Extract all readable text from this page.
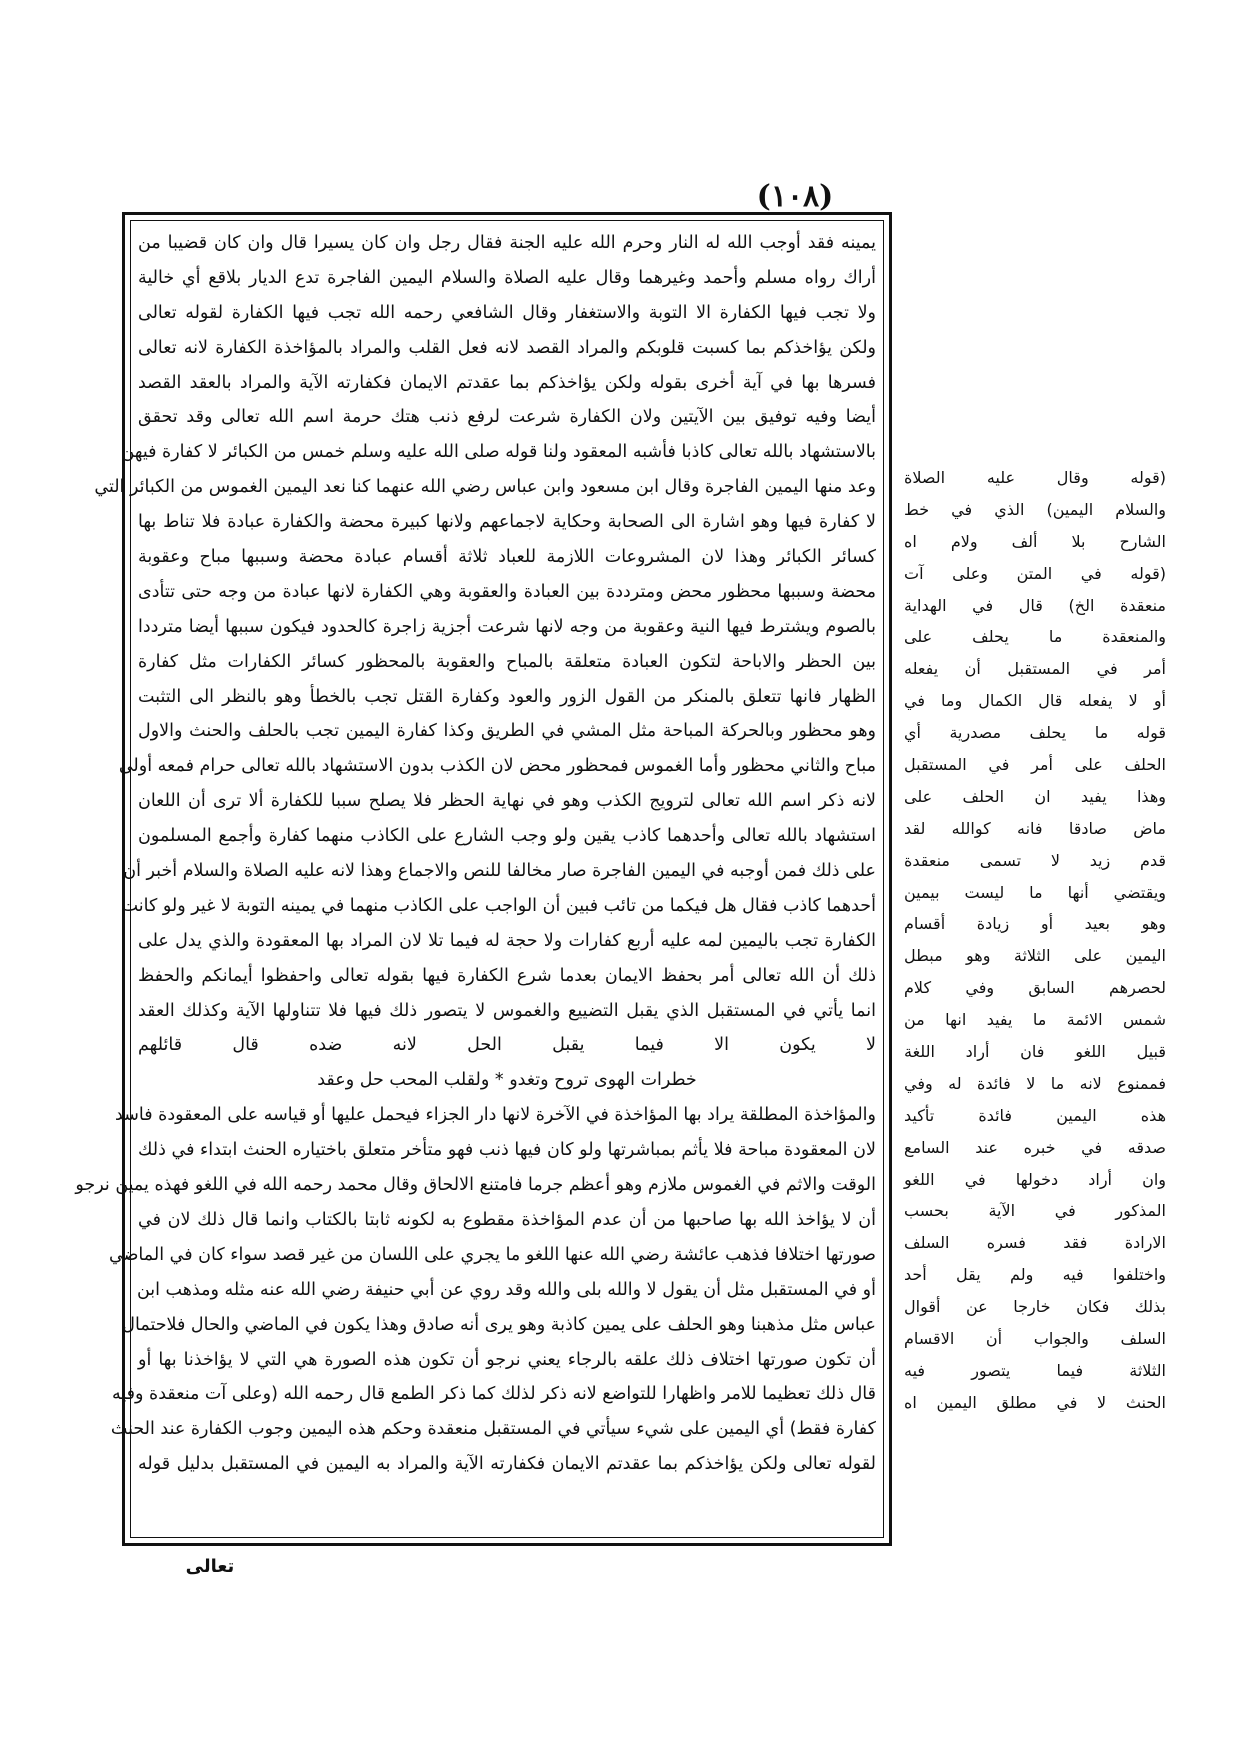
(١٠٨)
يمينه فقد أوجب الله له النار وحرم الله عليه الجنة فقال رجل وان كان يسيرا قال وان كان قضيبا من
أراك رواه مسلم وأحمد وغيرهما وقال عليه الصلاة والسلام اليمين الفاجرة تدع الديار بلاقع أي خالية
ولا تجب فيها الكفارة الا التوبة والاستغفار وقال الشافعي رحمه الله تجب فيها الكفارة لقوله تعالى
ولكن يؤاخذكم بما كسبت قلوبكم والمراد القصد لانه فعل القلب والمراد بالمؤاخذة الكفارة لانه تعالى
فسرها بها في آية أخرى بقوله ولكن يؤاخذكم بما عقدتم الايمان فكفارته الآية والمراد بالعقد القصد
أيضا وفيه توفيق بين الآيتين ولان الكفارة شرعت لرفع ذنب هتك حرمة اسم الله تعالى وقد تحقق
بالاستشهاد بالله تعالى كاذبا فأشبه المعقود ولنا قوله صلى الله عليه وسلم خمس من الكبائر لا كفارة فيهن
وعد منها اليمين الفاجرة وقال ابن مسعود وابن عباس رضي الله عنهما كنا نعد اليمين الغموس من الكبائر التي
لا كفارة فيها وهو اشارة الى الصحابة وحكاية لاجماعهم ولانها كبيرة محضة والكفارة عبادة فلا تناط بها
كسائر الكبائر وهذا لان المشروعات اللازمة للعباد ثلاثة أقسام عبادة محضة وسببها مباح وعقوبة
محضة وسببها محظور محض ومترددة بين العبادة والعقوبة وهي الكفارة لانها عبادة من وجه حتى تتأدى
بالصوم ويشترط فيها النية وعقوبة من وجه لانها شرعت أجزية زاجرة كالحدود فيكون سببها أيضا مترددا
بين الحظر والاباحة لتكون العبادة متعلقة بالمباح والعقوبة بالمحظور كسائر الكفارات مثل كفارة
الظهار فانها تتعلق بالمنكر من القول الزور والعود وكفارة القتل تجب بالخطأ وهو بالنظر الى التثبت
وهو محظور وبالحركة المباحة مثل المشي في الطريق وكذا كفارة اليمين تجب بالحلف والحنث والاول
مباح والثاني محظور وأما الغموس فمحظور محض لان الكذب بدون الاستشهاد بالله تعالى حرام فمعه أولى
لانه ذكر اسم الله تعالى لترويج الكذب وهو في نهاية الحظر فلا يصلح سببا للكفارة ألا ترى أن اللعان
استشهاد بالله تعالى وأحدهما كاذب يقين ولو وجب الشارع على الكاذب منهما كفارة وأجمع المسلمون
على ذلك فمن أوجبه في اليمين الفاجرة صار مخالفا للنص والاجماع وهذا لانه عليه الصلاة والسلام أخبر أن
أحدهما كاذب فقال هل فيكما من تائب فبين أن الواجب على الكاذب منهما في يمينه التوبة لا غير ولو كانت
الكفارة تجب باليمين لمه عليه أربع كفارات ولا حجة له فيما تلا لان المراد بها المعقودة والذي يدل على
ذلك أن الله تعالى أمر بحفظ الايمان بعدما شرع الكفارة فيها بقوله تعالى واحفظوا أيمانكم والحفظ
انما يأتي في المستقبل الذي يقبل التضييع والغموس لا يتصور ذلك فيها فلا تتناولها الآية وكذلك العقد
لا يكون الا فيما يقبل الحل لانه ضده قال قائلهم
خطرات الهوى تروح وتغدو * ولقلب المحب حل وعقد
والمؤاخذة المطلقة يراد بها المؤاخذة في الآخرة لانها دار الجزاء فيحمل عليها أو قياسه على المعقودة فاسد
لان المعقودة مباحة فلا يأثم بمباشرتها ولو كان فيها ذنب فهو متأخر متعلق باختياره الحنث ابتداء في ذلك
الوقت والاثم في الغموس ملازم وهو أعظم جرما فامتنع الالحاق وقال محمد رحمه الله في اللغو فهذه يمين نرجو
أن لا يؤاخذ الله بها صاحبها من أن عدم المؤاخذة مقطوع به لكونه ثابتا بالكتاب وانما قال ذلك لان في
صورتها اختلافا فذهب عائشة رضي الله عنها اللغو ما يجري على اللسان من غير قصد سواء كان في الماضي
أو في المستقبل مثل أن يقول لا والله بلى والله وقد روي عن أبي حنيفة رضي الله عنه مثله ومذهب ابن
عباس مثل مذهبنا وهو الحلف على يمين كاذبة وهو يرى أنه صادق وهذا يكون في الماضي والحال فلاحتمال
أن تكون صورتها اختلاف ذلك علقه بالرجاء يعني نرجو أن تكون هذه الصورة هي التي لا يؤاخذنا بها أو
قال ذلك تعظيما للامر واظهارا للتواضع لانه ذكر لذلك كما ذكر الطمع قال رحمه الله (وعلى آت منعقدة وفيه
كفارة فقط) أي اليمين على شيء سيأتي في المستقبل منعقدة وحكم هذه اليمين وجوب الكفارة عند الحنث
لقوله تعالى ولكن يؤاخذكم بما عقدتم الايمان فكفارته الآية والمراد به اليمين في المستقبل بدليل قوله
(قوله وقال عليه الصلاة
والسلام اليمين) الذي في خط
الشارح بلا ألف ولام اه
(قوله في المتن وعلى آت
منعقدة الخ) قال في الهداية
والمنعقدة ما يحلف على
أمر في المستقبل أن يفعله
أو لا يفعله قال الكمال وما في
قوله ما يحلف مصدرية أي
الحلف على أمر في المستقبل
وهذا يفيد ان الحلف على
ماض صادقا فانه كوالله لقد
قدم زيد لا تسمى منعقدة
ويقتضي أنها ما ليست بيمين
وهو بعيد أو زيادة أقسام
اليمين على الثلاثة وهو مبطل
لحصرهم السابق وفي كلام
شمس الائمة ما يفيد انها من
قبيل اللغو فان أراد اللغة
فممنوع لانه ما لا فائدة له وفي
هذه اليمين فائدة تأكيد
صدقه في خبره عند السامع
وان أراد دخولها في اللغو
المذكور في الآية بحسب
الارادة فقد فسره السلف
واختلفوا فيه ولم يقل أحد
بذلك فكان خارجا عن أقوال
السلف والجواب أن الاقسام
الثلاثة فيما يتصور فيه
الحنث لا في مطلق اليمين اه
تعالى
